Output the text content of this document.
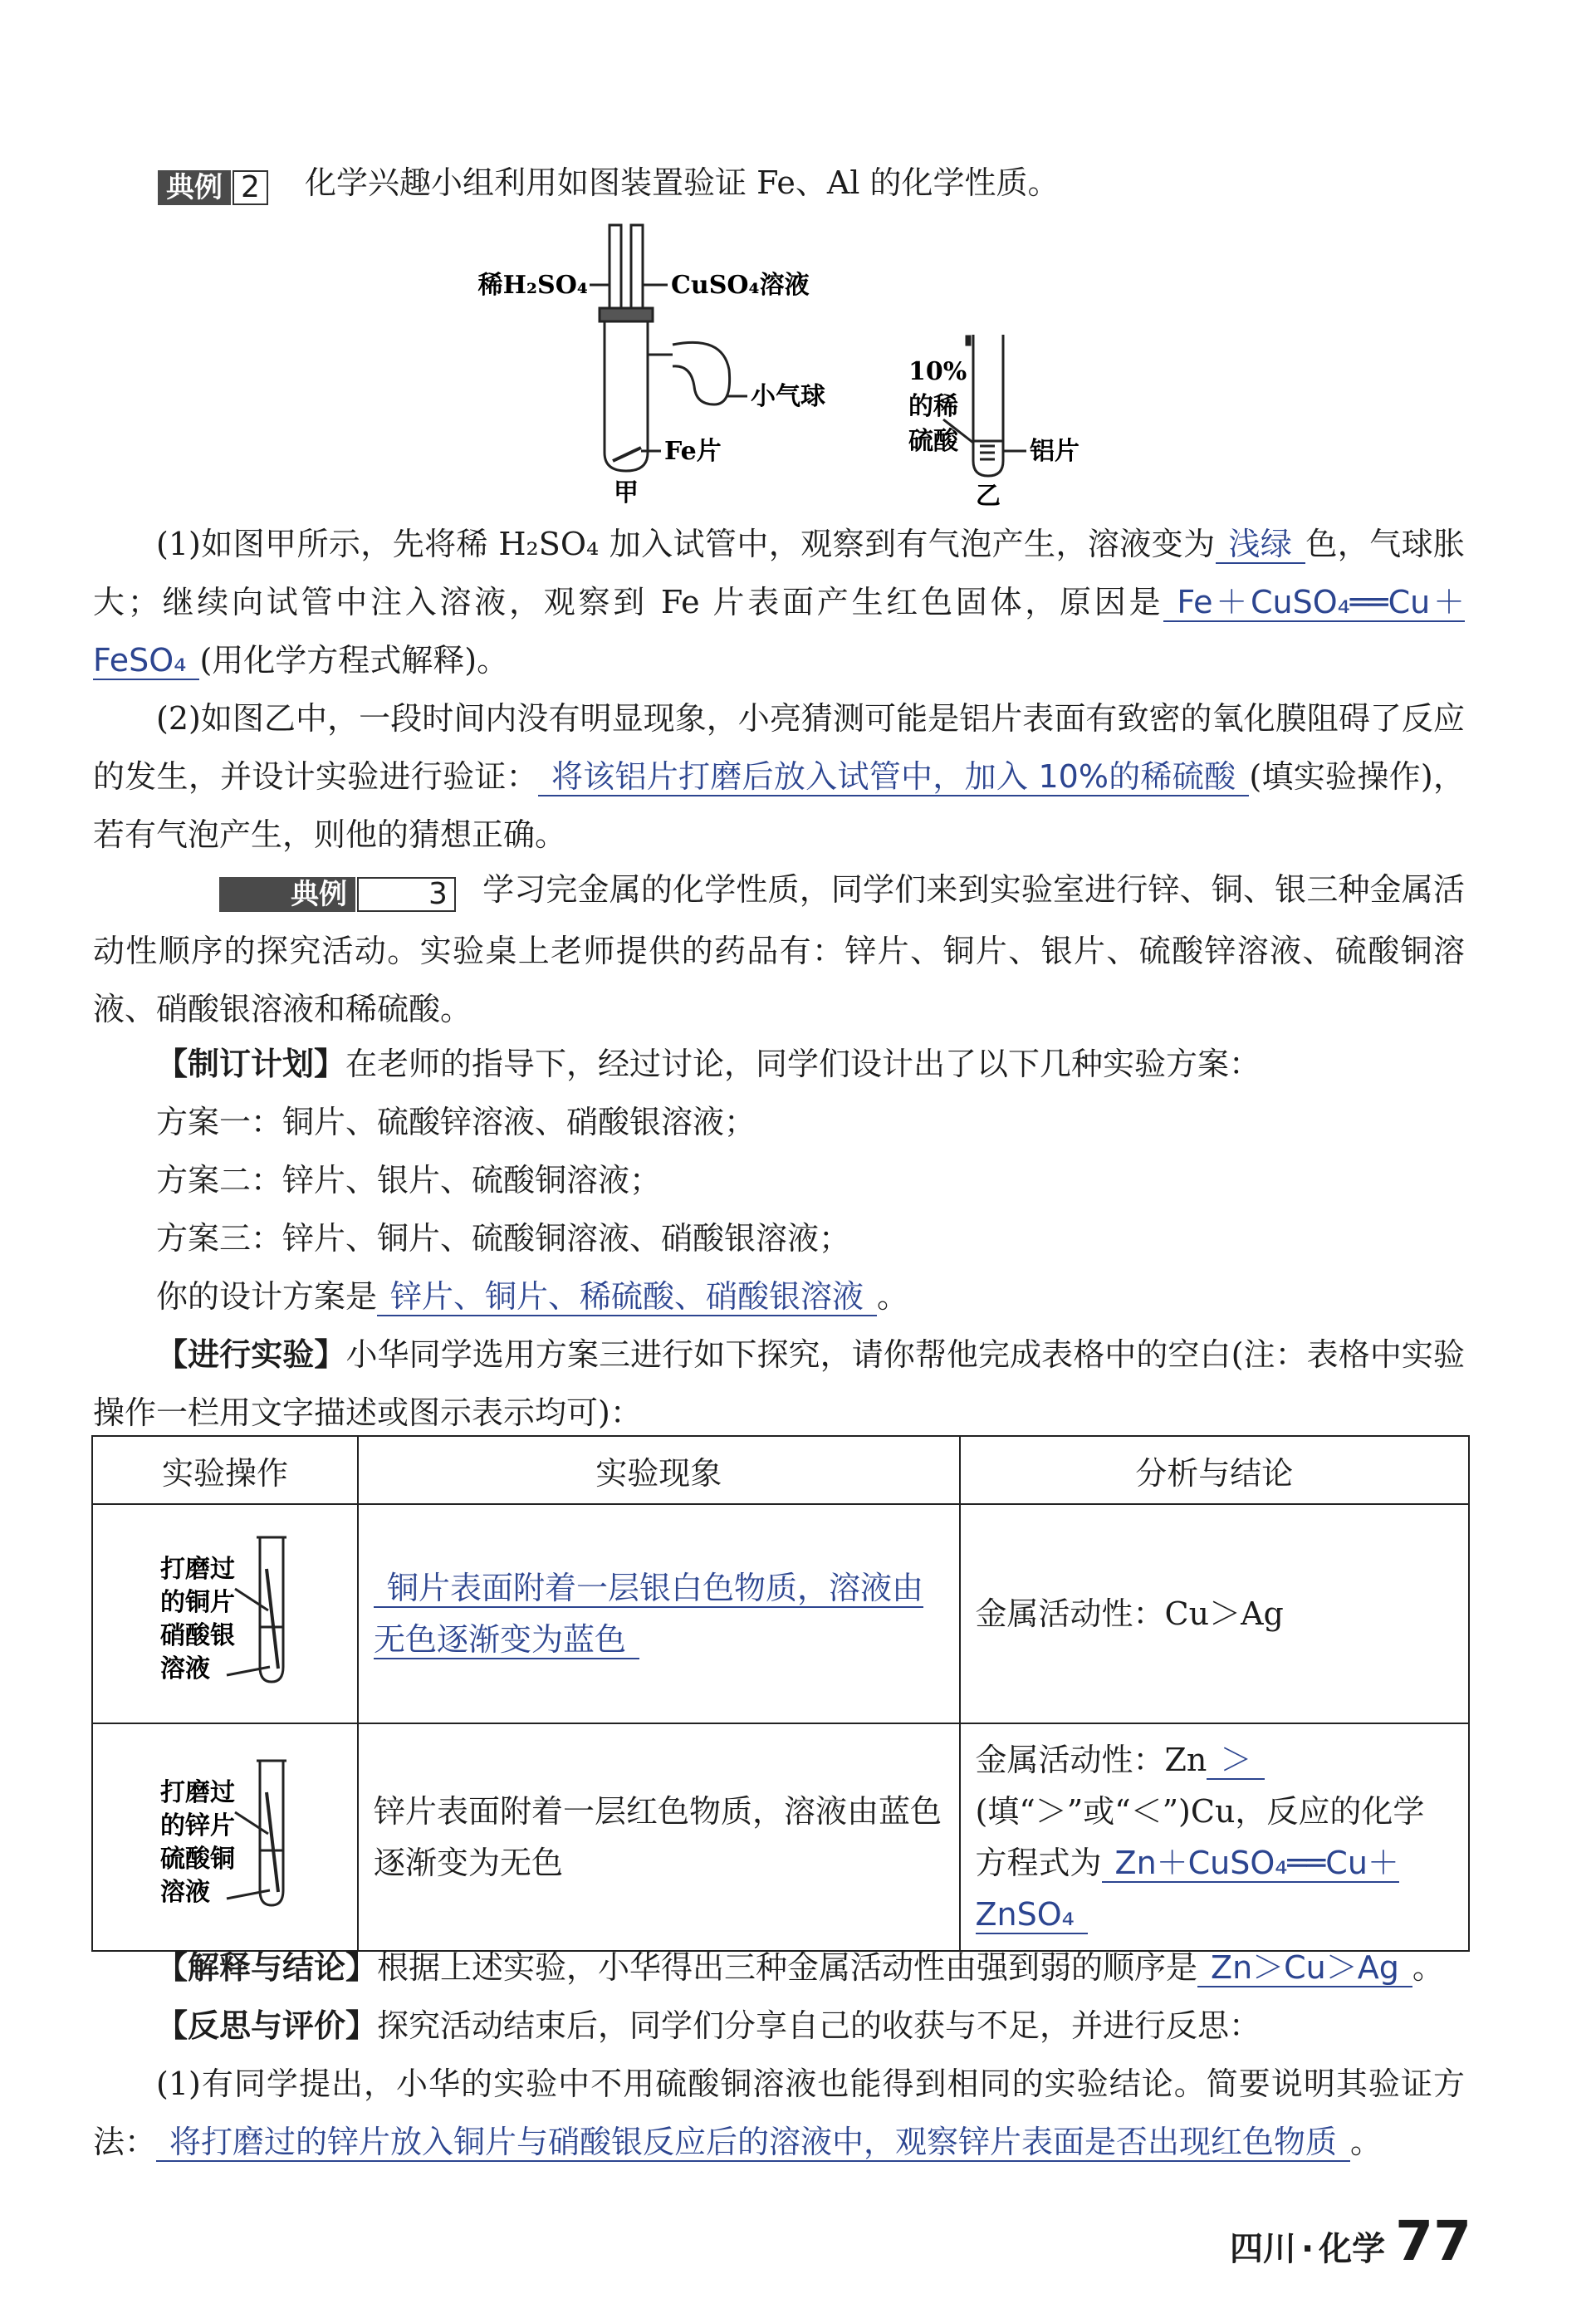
典例 2 化学兴趣小组利用如图装置验证 Fe、Al 的化学性质。
稀H₂SO₄	CuSO₄溶液
小气球
Fe片
甲
10%
的稀
硫酸	铝片
乙
(1)如图甲所示，先将稀 H₂SO₄ 加入试管中，观察到有气泡产生，溶液变为 浅绿 色，气球胀大；继续向试管中注入溶液，观察到 Fe 片表面产生红色固体，原因是 Fe＋CuSO₄══Cu＋FeSO₄ (用化学方程式解释)。
(2)如图乙中，一段时间内没有明显现象，小亮猜测可能是铝片表面有致密的氧化膜阻碍了反应的发生，并设计实验进行验证： 将该铝片打磨后放入试管中，加入 10%的稀硫酸 (填实验操作)，若有气泡产生，则他的猜想正确。
典例	3 学习完金属的化学性质，同学们来到实验室进行锌、铜、银三种金属活动性顺序的探究活动。实验桌上老师提供的药品有：锌片、铜片、银片、硫酸锌溶液、硫酸铜溶液、硝酸银溶液和稀硫酸。
【制订计划】在老师的指导下，经过讨论，同学们设计出了以下几种实验方案：
方案一：铜片、硫酸锌溶液、硝酸银溶液；
方案二：锌片、银片、硫酸铜溶液；
方案三：锌片、铜片、硫酸铜溶液、硝酸银溶液；
你的设计方案是 锌片、铜片、稀硫酸、硝酸银溶液 。
【进行实验】小华同学选用方案三进行如下探究，请你帮他完成表格中的空白(注：表格中实验操作一栏用文字描述或图示表示均可)：
实验操作	实验现象	分析与结论

打磨过
的铜片
硝酸银
溶液	铜片表面附着一层银白色物质，溶液由无色逐渐变为蓝色	金属活动性：Cu＞Ag

打磨过
的锌片
硫酸铜
溶液	锌片表面附着一层红色物质，溶液由蓝色逐渐变为无色	金属活动性：Zn ＞(填“＞”或“＜”)Cu，反应的化学方程式为 Zn＋CuSO₄══Cu＋ZnSO₄
【解释与结论】根据上述实验，小华得出三种金属活动性由强到弱的顺序是 Zn＞Cu＞Ag 。
【反思与评价】探究活动结束后，同学们分享自己的收获与不足，并进行反思：
(1)有同学提出，小华的实验中不用硫酸铜溶液也能得到相同的实验结论。简要说明其验证方法： 将打磨过的锌片放入铜片与硝酸银反应后的溶液中，观察锌片表面是否出现红色物质 。
四川 · 化学 77
